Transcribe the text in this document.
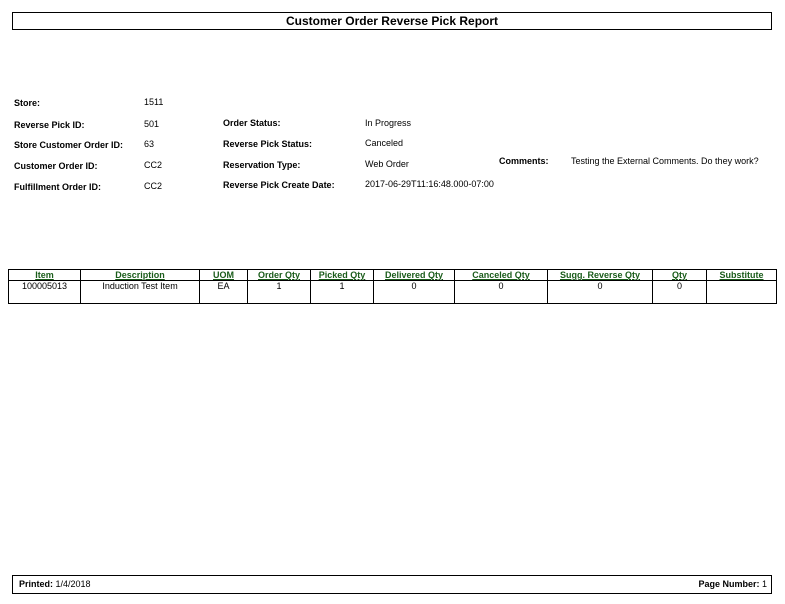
Customer Order Reverse Pick Report
Store:	1511
Reverse Pick ID:	501
Store Customer Order ID: 63
Customer Order ID:	CC2
Fulfillment Order ID:	CC2
Order Status:	In Progress
Reverse Pick Status:	Canceled
Reservation Type:	Web Order
Reverse Pick Create Date:	2017-06-29T11:16:48.000-07:00
Comments: Testing the External Comments. Do they work?
Item	Description	UOM	Order Qty	Picked Qty	Delivered Qty	Canceled Qty	Sugg. Reverse Qty	Qty	Substitute
100005013	Induction Test Item	EA	1	1	0	0	0	0	
Printed: 1/4/2018	Page Number: 1
